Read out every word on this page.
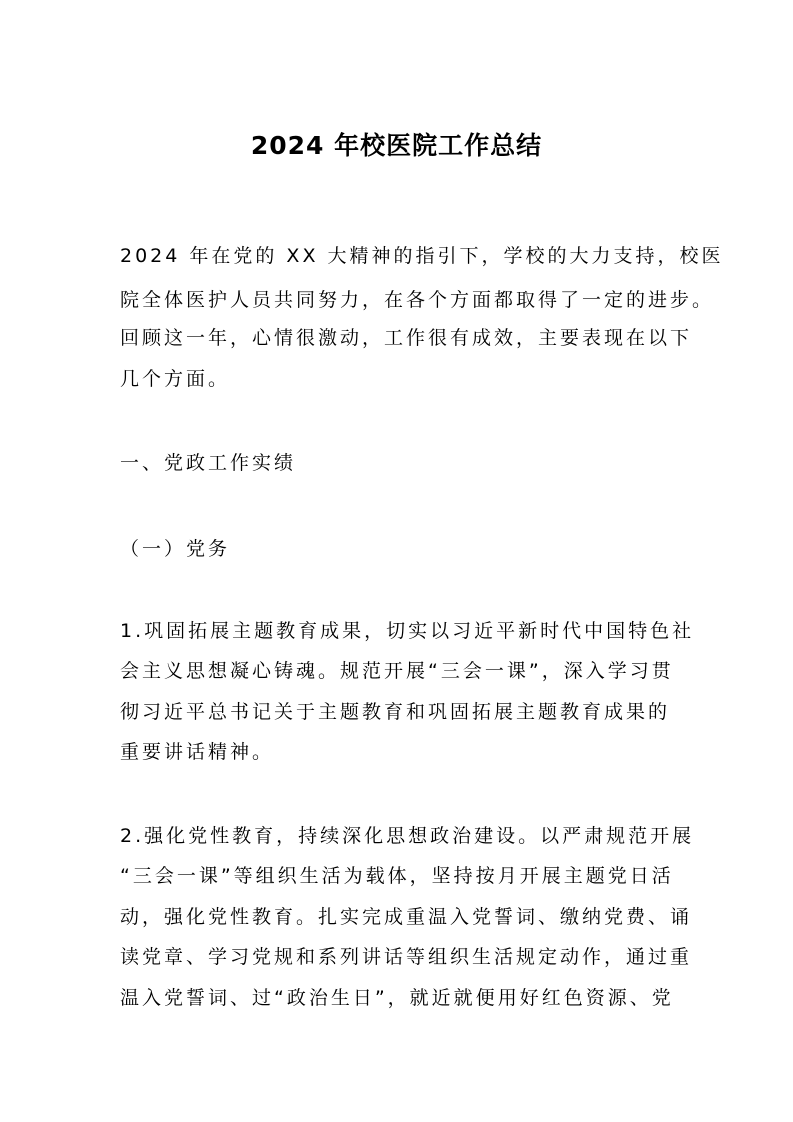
2024 年校医院工作总结
2024 年在党的 XX 大精神的指引下，学校的大力支持，校医
院全体医护人员共同努力，在各个方面都取得了一定的进步。
回顾这一年，心情很激动，工作很有成效，主要表现在以下
几个方面。
一、党政工作实绩
（一）党务
1.巩固拓展主题教育成果，切实以习近平新时代中国特色社
会主义思想凝心铸魂。规范开展“三会一课”，深入学习贯
彻习近平总书记关于主题教育和巩固拓展主题教育成果的
重要讲话精神。
2.强化党性教育，持续深化思想政治建设。以严肃规范开展
“三会一课”等组织生活为载体，坚持按月开展主题党日活
动，强化党性教育。扎实完成重温入党誓词、缴纳党费、诵
读党章、学习党规和系列讲话等组织生活规定动作，通过重
温入党誓词、过“政治生日”，就近就便用好红色资源、党
